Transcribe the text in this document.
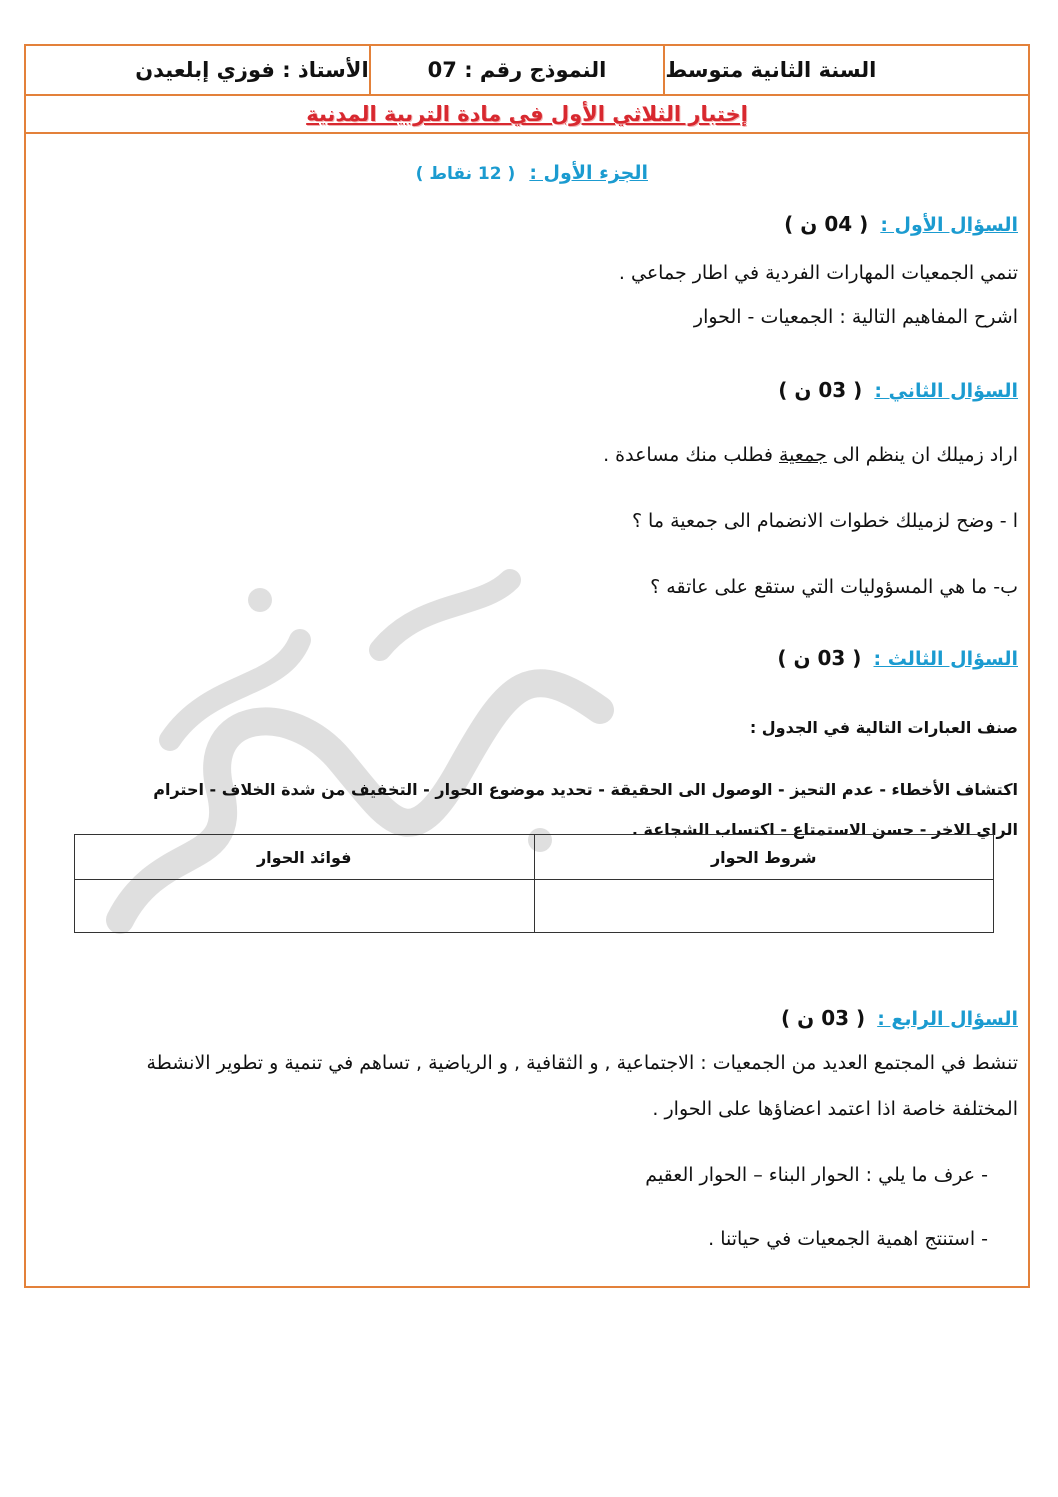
السنة الثانية متوسط
النموذج رقم : 07
الأستاذ : فوزي إبلعيدن
إختبار الثلاثي الأول في مادة التربية المدنية
الجزء الأول : ( 12 نقاط )
السؤال الأول : ( 04 ن )
تنمي الجمعيات المهارات الفردية في اطار جماعي .
اشرح المفاهيم التالية : الجمعيات - الحوار
السؤال الثاني : ( 03 ن )
اراد زميلك ان ينظم الى جمعية فطلب منك مساعدة .
ا - وضح لزميلك خطوات الانضمام الى جمعية ما ؟
ب- ما هي المسؤوليات التي ستقع على عاتقه ؟
السؤال الثالث : ( 03 ن )
صنف العبارات التالية في الجدول :
اكتشاف الأخطاء - عدم التحيز - الوصول الى الحقيقة - تحديد موضوع الحوار - التخفيف من شدة الخلاف - احترام
الراي الاخر - حسن الاستمتاع - اكتساب الشجاعة .
السؤال الرابع : ( 03 ن )
تنشط في المجتمع العديد من الجمعيات : الاجتماعية , و الثقافية , و الرياضية , تساهم في تنمية و تطوير الانشطة
المختلفة خاصة اذا اعتمد اعضاؤها على الحوار .
- عرف ما يلي : الحوار البناء – الحوار العقيم
- استنتج اهمية الجمعيات في حياتنا .
شروط الحوار	فوائد الحوار
